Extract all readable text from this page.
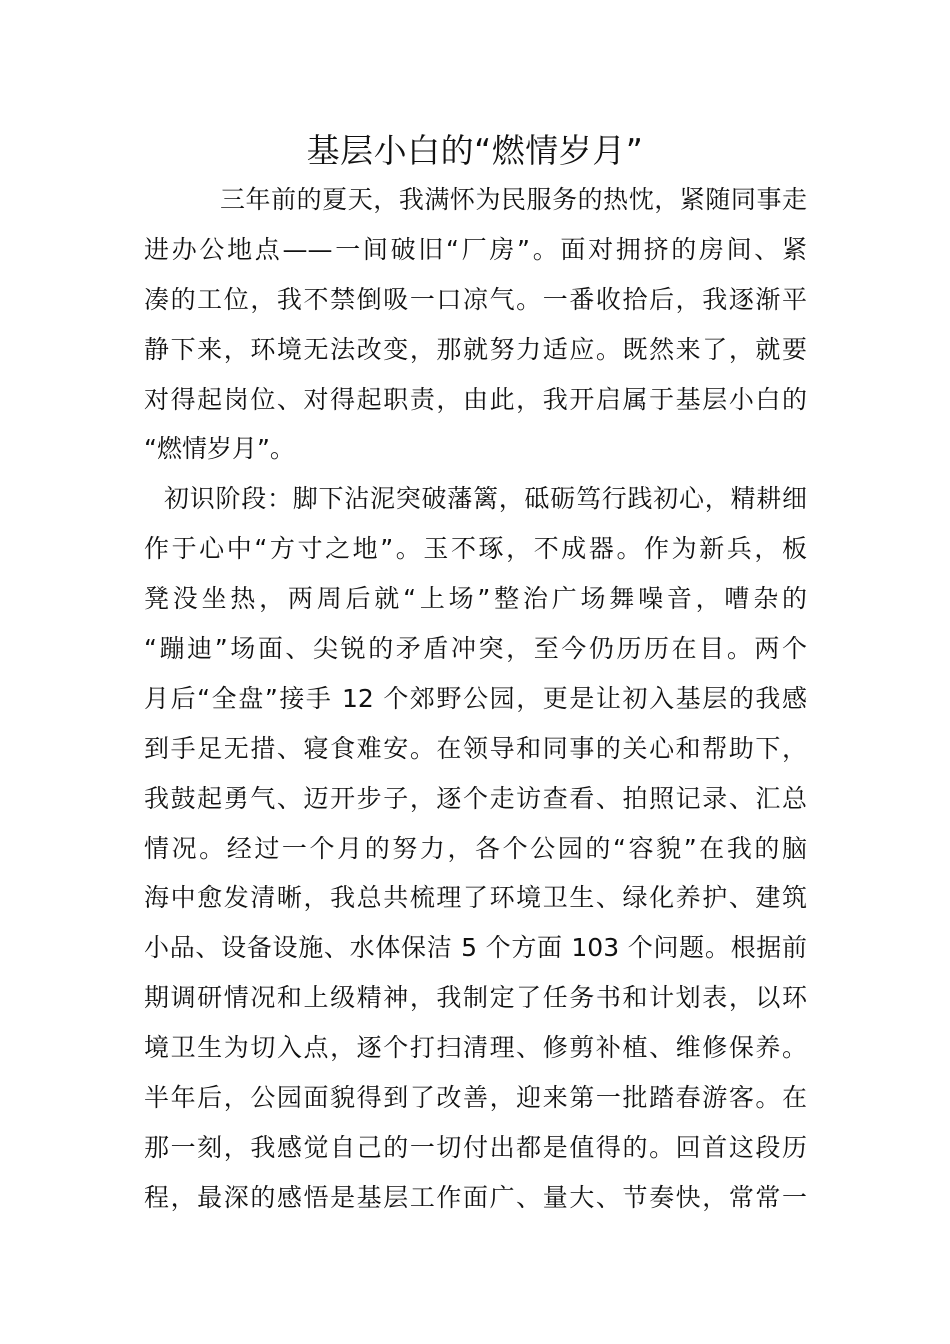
基层小白的“燃情岁月”
三年前的夏天，我满怀为民服务的热忱，紧随同事走
进办公地点——一间破旧“厂房”。面对拥挤的房间、紧
凑的工位，我不禁倒吸一口凉气。一番收拾后，我逐渐平
静下来，环境无法改变，那就努力适应。既然来了，就要
对得起岗位、对得起职责，由此，我开启属于基层小白的
“燃情岁月”。
初识阶段：脚下沾泥突破藩篱，砥砺笃行践初心，精耕细
作于心中“方寸之地”。玉不琢，不成器。作为新兵，板
凳没坐热，两周后就“上场”整治广场舞噪音，嘈杂的
“蹦迪”场面、尖锐的矛盾冲突，至今仍历历在目。两个
月后“全盘”接手 12 个郊野公园，更是让初入基层的我感
到手足无措、寝食难安。在领导和同事的关心和帮助下，
我鼓起勇气、迈开步子，逐个走访查看、拍照记录、汇总
情况。经过一个月的努力，各个公园的“容貌”在我的脑
海中愈发清晰，我总共梳理了环境卫生、绿化养护、建筑
小品、设备设施、水体保洁 5 个方面 103 个问题。根据前
期调研情况和上级精神，我制定了任务书和计划表，以环
境卫生为切入点，逐个打扫清理、修剪补植、维修保养。
半年后，公园面貌得到了改善，迎来第一批踏春游客。在
那一刻，我感觉自己的一切付出都是值得的。回首这段历
程，最深的感悟是基层工作面广、量大、节奏快，常常一
